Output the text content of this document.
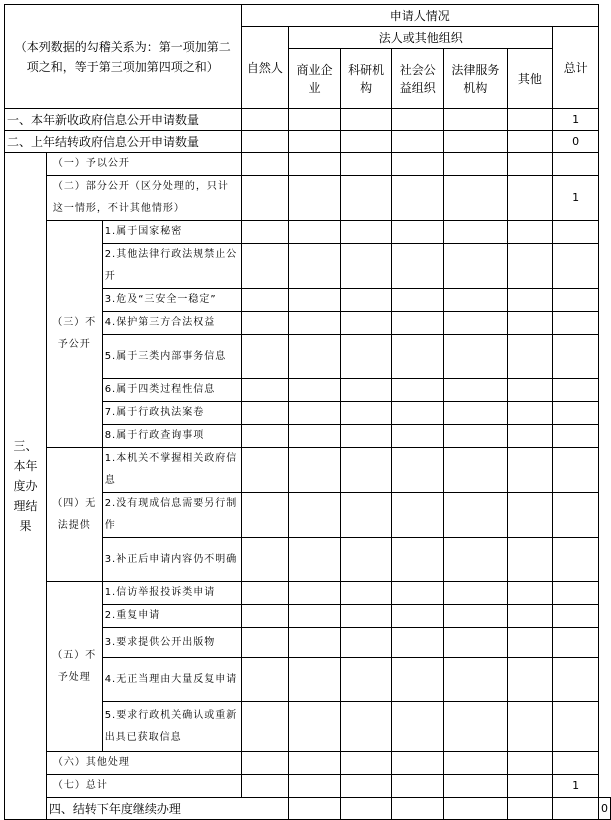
（本列数据的勾稽关系为：第一项加第二项之和，等于第三项加第四项之和）			申请人情况							
			自然人	法人或其他组织					总计	
				商业企业	科研机构	社会公益组织	法律服务机构	其他		
一、本年新收政府信息公开申请数量									1	
二、上年结转政府信息公开申请数量									0	
三、本年度办理结果	（一）予以公开									
	（二）部分公开（区分处理的，只计这一情形，不计其他情形）								1	
	（三）不予公开	1.属于国家秘密								
		2.其他法律行政法规禁止公开								
		3.危及“三安全一稳定”								
		4.保护第三方合法权益								
		5.属于三类内部事务信息								
		6.属于四类过程性信息								
		7.属于行政执法案卷								
		8.属于行政查询事项								
	（四）无法提供	1.本机关不掌握相关政府信息								
		2.没有现成信息需要另行制作								
		3.补正后申请内容仍不明确								
	（五）不予处理	1.信访举报投诉类申请								
		2.重复申请								
		3.要求提供公开出版物								
		4.无正当理由大量反复申请								
		5.要求行政机关确认或重新出具已获取信息								
	（六）其他处理									
	（七）总计								1	
	四、结转下年度继续办理									0
